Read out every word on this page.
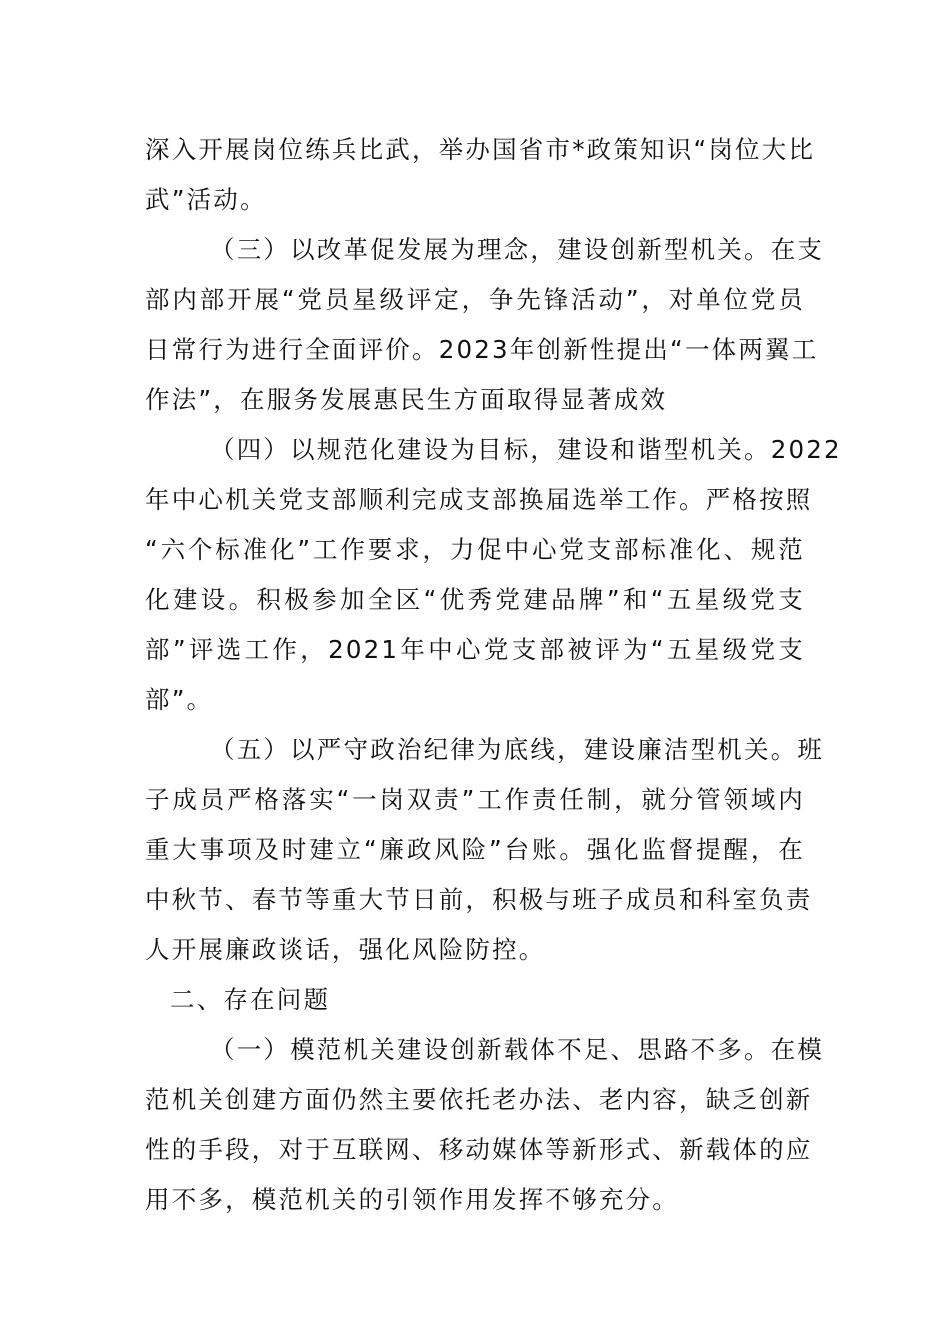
深入开展岗位练兵比武，举办国省市*政策知识“岗位大比
武”活动。
（三）以改革促发展为理念，建设创新型机关。在支
部内部开展“党员星级评定，争先锋活动”，对单位党员
日常行为进行全面评价。2023年创新性提出“一体两翼工
作法”，在服务发展惠民生方面取得显著成效
（四）以规范化建设为目标，建设和谐型机关。2022
年中心机关党支部顺利完成支部换届选举工作。严格按照
“六个标准化”工作要求，力促中心党支部标准化、规范
化建设。积极参加全区“优秀党建品牌”和“五星级党支
部”评选工作，2021年中心党支部被评为“五星级党支
部”。
（五）以严守政治纪律为底线，建设廉洁型机关。班
子成员严格落实“一岗双责”工作责任制，就分管领域内
重大事项及时建立“廉政风险”台账。强化监督提醒，在
中秋节、春节等重大节日前，积极与班子成员和科室负责
人开展廉政谈话，强化风险防控。
二、存在问题
（一）模范机关建设创新载体不足、思路不多。在模
范机关创建方面仍然主要依托老办法、老内容，缺乏创新
性的手段，对于互联网、移动媒体等新形式、新载体的应
用不多，模范机关的引领作用发挥不够充分。
